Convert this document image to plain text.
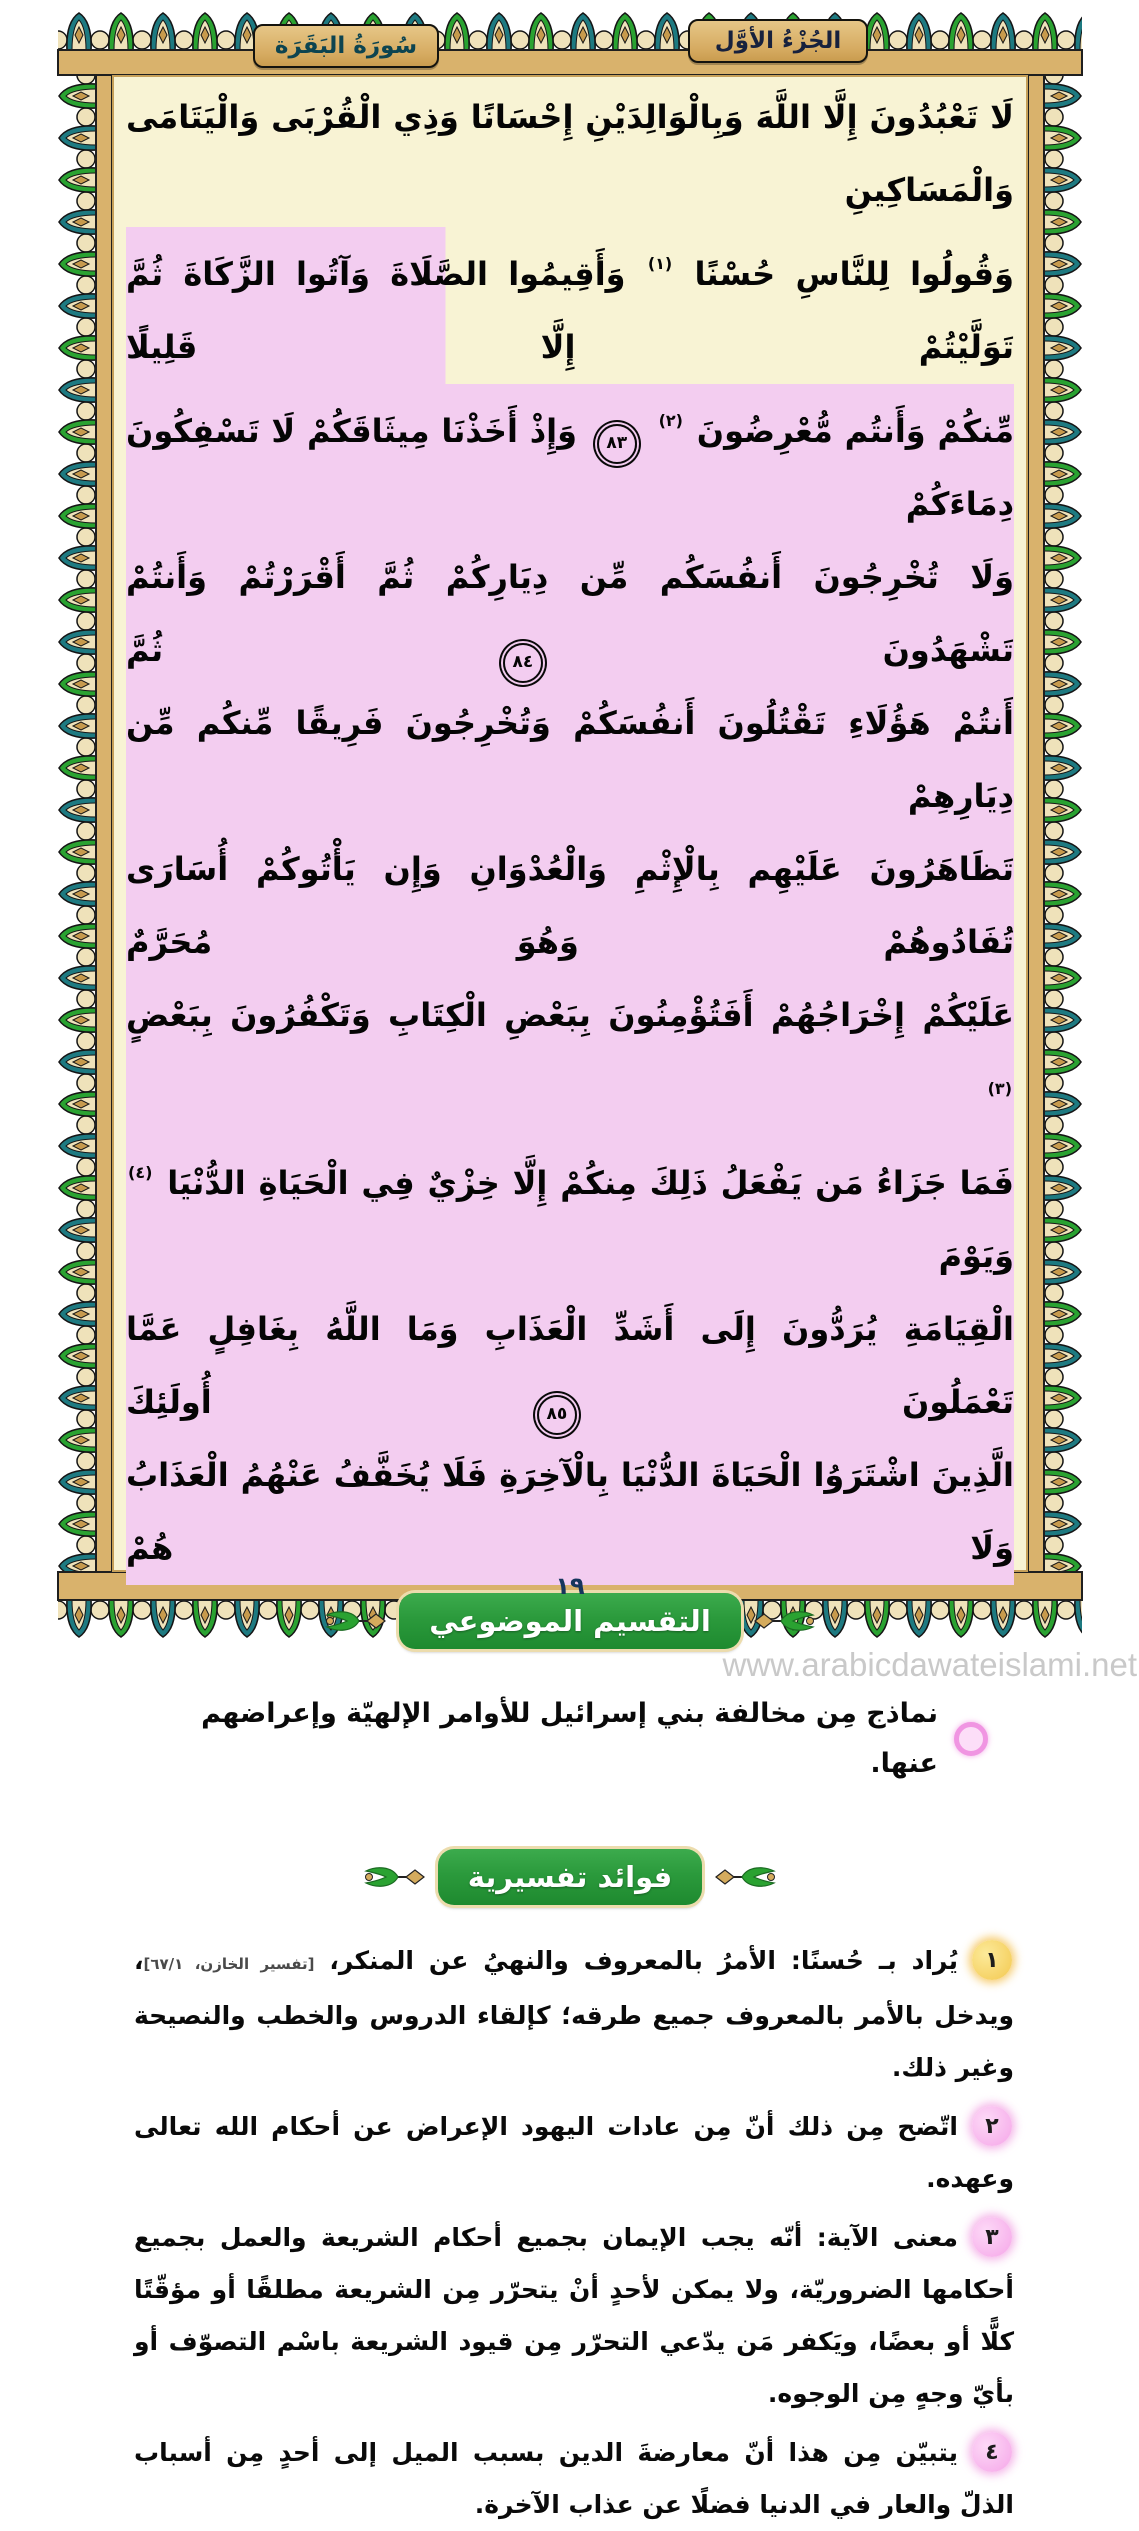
سُورَةُ البَقَرَة	الجُزْءُ الأوَّل
لَا تَعْبُدُونَ إِلَّا اللَّهَ وَبِالْوَالِدَيْنِ إِحْسَانًا وَذِي الْقُرْبَى وَالْيَتَامَى وَالْمَسَاكِينِ
وَقُولُوا لِلنَّاسِ حُسْنًا $^{(١)}$ وَأَقِيمُوا الصَّلَاةَ وَآتُوا الزَّكَاةَ ثُمَّ تَوَلَّيْتُمْ إِلَّا قَلِيلًا
مِّنكُمْ وَأَنتُم مُّعْرِضُونَ $^{(٢)}$ ٨٣ وَإِذْ أَخَذْنَا مِيثَاقَكُمْ لَا تَسْفِكُونَ دِمَاءَكُمْ
وَلَا تُخْرِجُونَ أَنفُسَكُم مِّن دِيَارِكُمْ ثُمَّ أَقْرَرْتُمْ وَأَنتُمْ تَشْهَدُونَ ٨٤ ثُمَّ
أَنتُمْ هَؤُلَاءِ تَقْتُلُونَ أَنفُسَكُمْ وَتُخْرِجُونَ فَرِيقًا مِّنكُم مِّن دِيَارِهِمْ
تَظَاهَرُونَ عَلَيْهِم بِالْإِثْمِ وَالْعُدْوَانِ وَإِن يَأْتُوكُمْ أُسَارَى تُفَادُوهُمْ وَهُوَ مُحَرَّمٌ
عَلَيْكُمْ إِخْرَاجُهُمْ أَفَتُؤْمِنُونَ بِبَعْضِ الْكِتَابِ وَتَكْفُرُونَ بِبَعْضٍ $^{(٣)}$
فَمَا جَزَاءُ مَن يَفْعَلُ ذَلِكَ مِنكُمْ إِلَّا خِزْيٌ فِي الْحَيَاةِ الدُّنْيَا $^{(٤)}$ وَيَوْمَ
الْقِيَامَةِ يُرَدُّونَ إِلَى أَشَدِّ الْعَذَابِ وَمَا اللَّهُ بِغَافِلٍ عَمَّا تَعْمَلُونَ ٨٥ أُولَئِكَ
الَّذِينَ اشْتَرَوُا الْحَيَاةَ الدُّنْيَا بِالْآخِرَةِ فَلَا يُخَفَّفُ عَنْهُمُ الْعَذَابُ وَلَا هُمْ
التقسيم الموضوعي
نماذج مِن مخالفة بني إسرائيل للأوامر الإلهيّة وإعراضهم عنها.
فوائد تفسيرية
١
يُراد بـ حُسنًا: الأمرُ بالمعروف والنهيُ عن المنكر، [تفسير الخازن، ٦٧/١]، ويدخل بالأمر بالمعروف جميع طرقه؛ كإلقاء الدروس والخطب والنصيحة وغير ذلك.
٢
اتّضح مِن ذلك أنّ مِن عادات اليهود الإعراض عن أحكام الله تعالى وعهده.
٣
معنى الآية: أنّه يجب الإيمان بجميع أحكام الشريعة والعمل بجميع أحكامها الضروريّة، ولا يمكن لأحدٍ أنْ يتحرّر مِن الشريعة مطلقًا أو مؤقّتًا كلًّا أو بعضًا، ويَكفر مَن يدّعي التحرّر مِن قيود الشريعة باسْم التصوّف أو بأيّ وجهٍ مِن الوجوه.
٤
يتبيّن مِن هذا أنّ معارضةَ الدين بسبب الميل إلى أحدٍ مِن أسباب الذلّ والعار في الدنيا فضلًا عن عذاب الآخرة.
١٩
www.arabicdawateislami.net
